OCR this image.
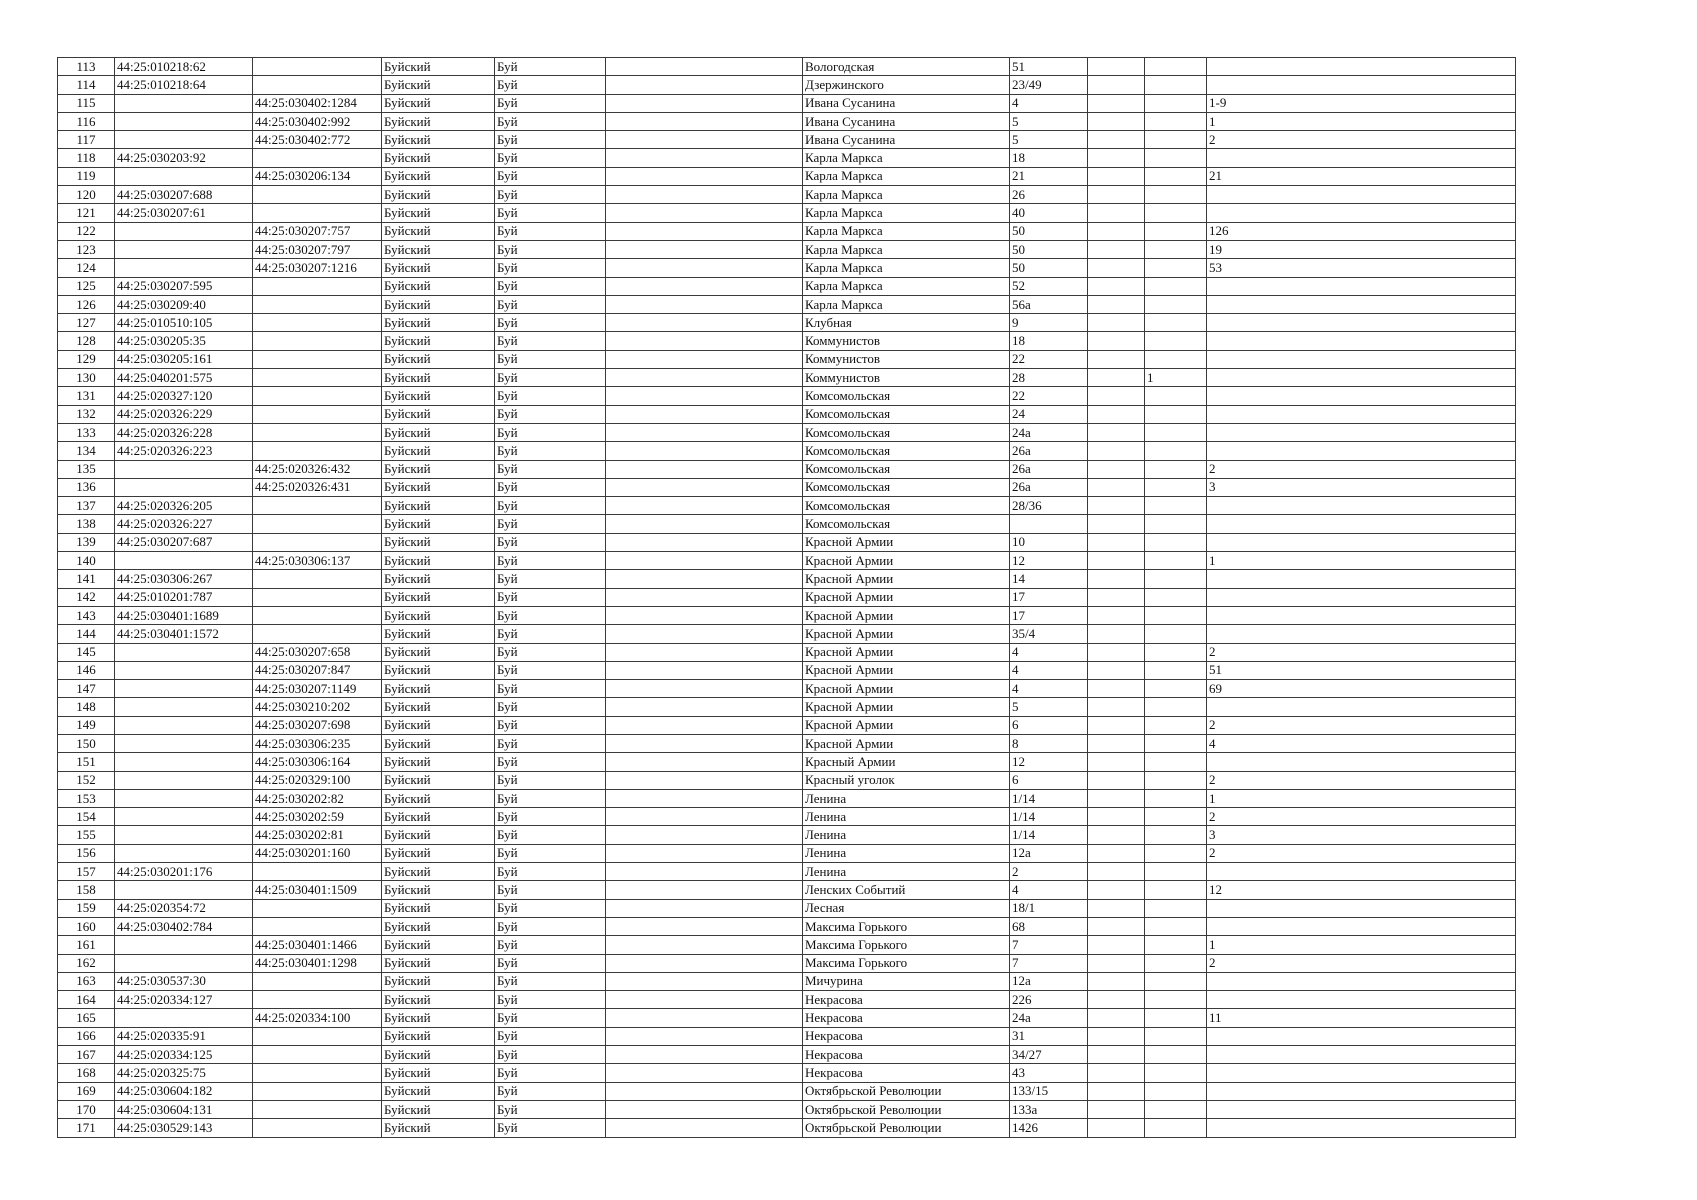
113	44:25:010218:62		Буйский	Буй		Вологодская	51			
114	44:25:010218:64		Буйский	Буй		Дзержинского	23/49			
115		44:25:030402:1284	Буйский	Буй		Ивана Сусанина	4			1-9
116		44:25:030402:992	Буйский	Буй		Ивана Сусанина	5			1
117		44:25:030402:772	Буйский	Буй		Ивана Сусанина	5			2
118	44:25:030203:92		Буйский	Буй		Карла Маркса	18			
119		44:25:030206:134	Буйский	Буй		Карла Маркса	21			21
120	44:25:030207:688		Буйский	Буй		Карла Маркса	26			
121	44:25:030207:61		Буйский	Буй		Карла Маркса	40			
122		44:25:030207:757	Буйский	Буй		Карла Маркса	50			126
123		44:25:030207:797	Буйский	Буй		Карла Маркса	50			19
124		44:25:030207:1216	Буйский	Буй		Карла Маркса	50			53
125	44:25:030207:595		Буйский	Буй		Карла Маркса	52			
126	44:25:030209:40		Буйский	Буй		Карла Маркса	56а			
127	44:25:010510:105		Буйский	Буй		Клубная	9			
128	44:25:030205:35		Буйский	Буй		Коммунистов	18			
129	44:25:030205:161		Буйский	Буй		Коммунистов	22			
130	44:25:040201:575		Буйский	Буй		Коммунистов	28		1	
131	44:25:020327:120		Буйский	Буй		Комсомольская	22			
132	44:25:020326:229		Буйский	Буй		Комсомольская	24			
133	44:25:020326:228		Буйский	Буй		Комсомольская	24а			
134	44:25:020326:223		Буйский	Буй		Комсомольская	26а			
135		44:25:020326:432	Буйский	Буй		Комсомольская	26а			2
136		44:25:020326:431	Буйский	Буй		Комсомольская	26а			3
137	44:25:020326:205		Буйский	Буй		Комсомольская	28/36			
138	44:25:020326:227		Буйский	Буй		Комсомольская				
139	44:25:030207:687		Буйский	Буй		Красной Армии	10			
140		44:25:030306:137	Буйский	Буй		Красной Армии	12			1
141	44:25:030306:267		Буйский	Буй		Красной Армии	14			
142	44:25:010201:787		Буйский	Буй		Красной Армии	17			
143	44:25:030401:1689		Буйский	Буй		Красной Армии	17			
144	44:25:030401:1572		Буйский	Буй		Красной Армии	35/4			
145		44:25:030207:658	Буйский	Буй		Красной Армии	4			2
146		44:25:030207:847	Буйский	Буй		Красной Армии	4			51
147		44:25:030207:1149	Буйский	Буй		Красной Армии	4			69
148		44:25:030210:202	Буйский	Буй		Красной Армии	5			
149		44:25:030207:698	Буйский	Буй		Красной Армии	6			2
150		44:25:030306:235	Буйский	Буй		Красной Армии	8			4
151		44:25:030306:164	Буйский	Буй		Красный Армии	12			
152		44:25:020329:100	Буйский	Буй		Красный уголок	6			2
153		44:25:030202:82	Буйский	Буй		Ленина	1/14			1
154		44:25:030202:59	Буйский	Буй		Ленина	1/14			2
155		44:25:030202:81	Буйский	Буй		Ленина	1/14			3
156		44:25:030201:160	Буйский	Буй		Ленина	12а			2
157	44:25:030201:176		Буйский	Буй		Ленина	2			
158		44:25:030401:1509	Буйский	Буй		Ленских Событий	4			12
159	44:25:020354:72		Буйский	Буй		Лесная	18/1			
160	44:25:030402:784		Буйский	Буй		Максима Горького	68			
161		44:25:030401:1466	Буйский	Буй		Максима Горького	7			1
162		44:25:030401:1298	Буйский	Буй		Максима Горького	7			2
163	44:25:030537:30		Буйский	Буй		Мичурина	12а			
164	44:25:020334:127		Буйский	Буй		Некрасова	226			
165		44:25:020334:100	Буйский	Буй		Некрасова	24а			11
166	44:25:020335:91		Буйский	Буй		Некрасова	31			
167	44:25:020334:125		Буйский	Буй		Некрасова	34/27			
168	44:25:020325:75		Буйский	Буй		Некрасова	43			
169	44:25:030604:182		Буйский	Буй		Октябрьской Революции	133/15			
170	44:25:030604:131		Буйский	Буй		Октябрьской Революции	133а			
171	44:25:030529:143		Буйский	Буй		Октябрьской Революции	1426			
